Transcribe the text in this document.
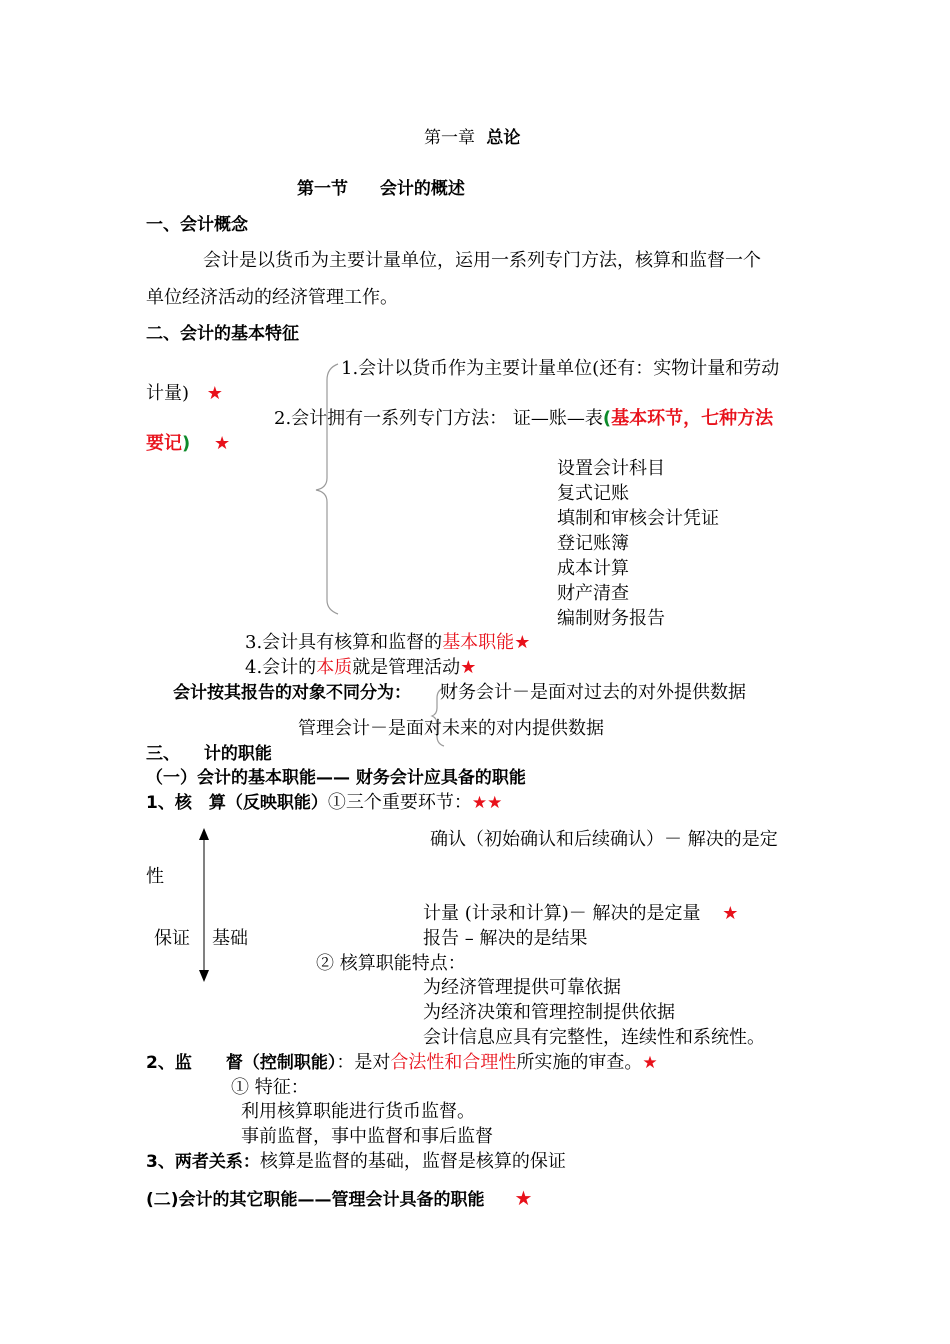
第一章 总论
第一节 会计的概述
一、会计概念
会计是以货币为主要计量单位，运用一系列专门方法，核算和监督一个
单位经济活动的经济管理工作。
二、会计的基本特征
1.会计以货币作为主要计量单位(还有：实物计量和劳动
计量) ★
2.会计拥有一系列专门方法： 证—账—表(基本环节，七种方法
要记) ★
设置会计科目
复式记账
填制和审核会计凭证
登记账簿
成本计算
财产清查
编制财务报告
3.会计具有核算和监督的基本职能★
4.会计的本质就是管理活动★
会计按其报告的对象不同分为： 财务会计－是面对过去的对外提供数据
管理会计－是面对未来的对内提供数据
三、 计的职能
（一）会计的基本职能—— 财务会计应具备的职能
1、核　算（反映职能）①三个重要环节：★★
确认（初始确认和后续确认）－ 解决的是定
性
计量 (计录和计算)－ 解决的是定量 ★
保证 基础	报告 – 解决的是结果
② 核算职能特点：
为经济管理提供可靠依据
为经济决策和管理控制提供依据
会计信息应具有完整性，连续性和系统性。
2、监　　督（控制职能）：是对合法性和合理性所实施的审查。★
① 特征：
利用核算职能进行货币监督。
事前监督，事中监督和事后监督
3、两者关系：核算是监督的基础，监督是核算的保证
(二)会计的其它职能——管理会计具备的职能 ★
